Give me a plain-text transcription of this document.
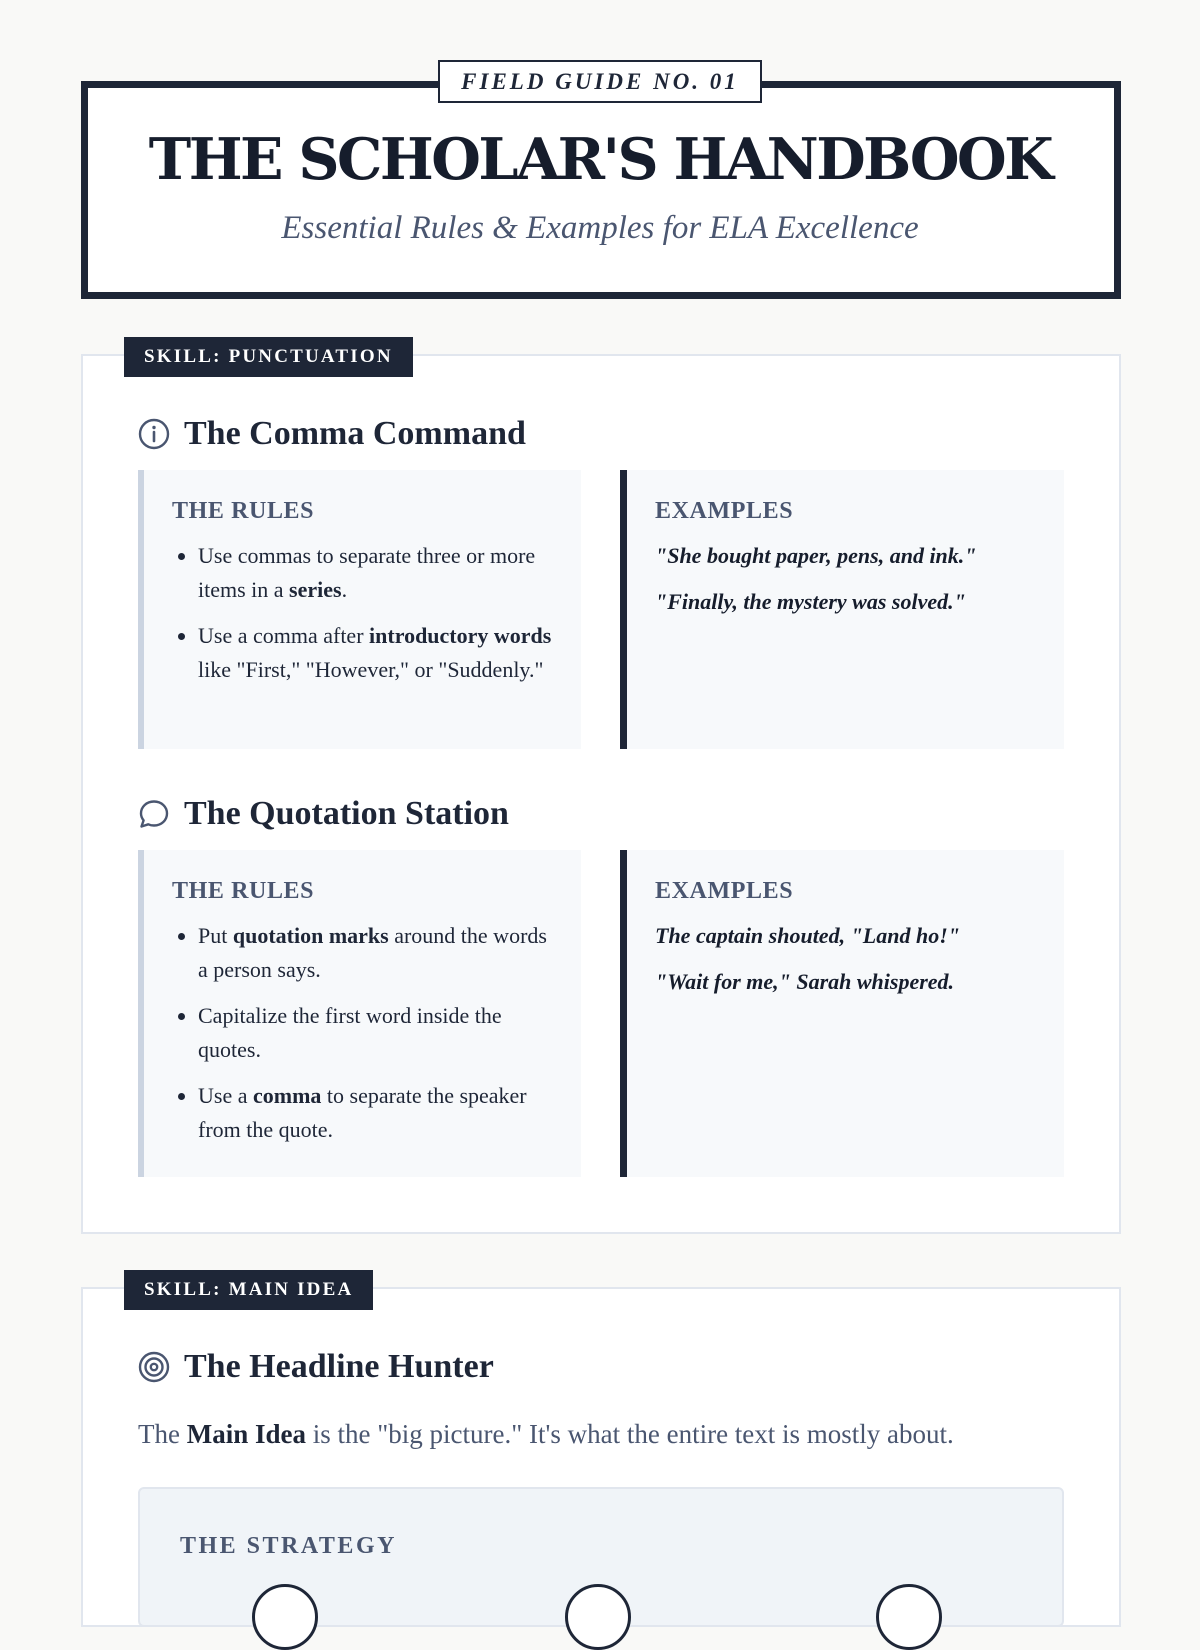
FIELD GUIDE NO. 01
THE SCHOLAR'S HANDBOOK
Essential Rules & Examples for ELA Excellence
SKILL: PUNCTUATION
The Comma Command
THE RULES
• Use commas to separate three or more items in a series.
• Use a comma after introductory words like "First," "However," or "Suddenly."
EXAMPLES
"She bought paper, pens, and ink."
"Finally, the mystery was solved."
The Quotation Station
THE RULES
• Put quotation marks around the words a person says.
• Capitalize the first word inside the quotes.
• Use a comma to separate the speaker from the quote.
EXAMPLES
The captain shouted, "Land ho!"
"Wait for me," Sarah whispered.
SKILL: MAIN IDEA
The Headline Hunter
The Main Idea is the "big picture." It's what the entire text is mostly about.
THE STRATEGY
